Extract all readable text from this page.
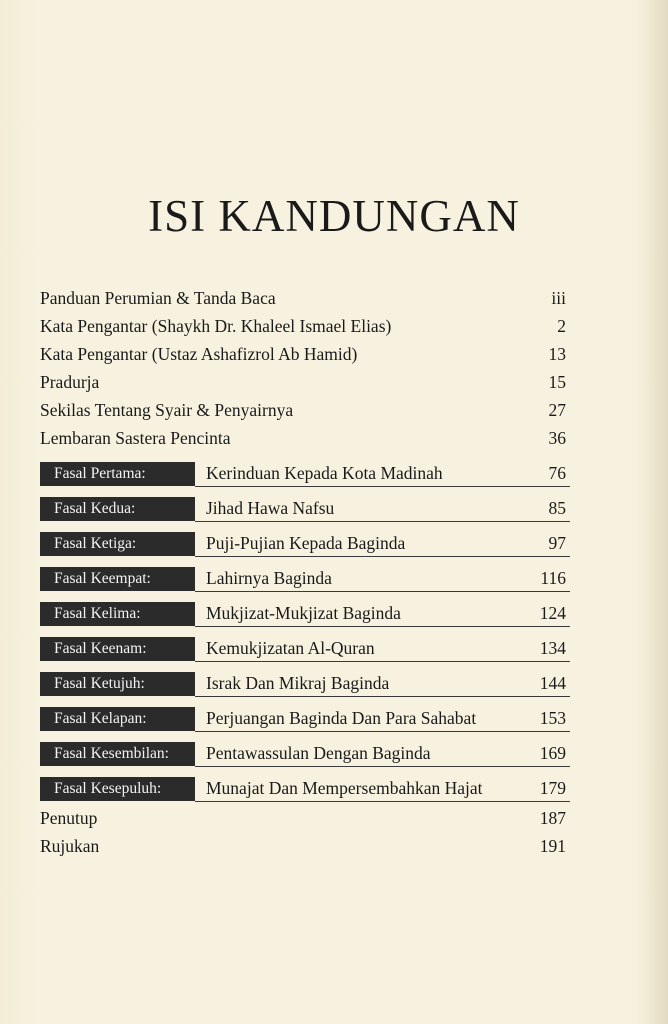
ISI KANDUNGAN
Panduan Perumian & Tanda Baca	iii
Kata Pengantar (Shaykh Dr. Khaleel Ismael Elias)	2
Kata Pengantar (Ustaz Ashafizrol Ab Hamid)	13
Pradurja	15
Sekilas Tentang Syair & Penyairnya	27
Lembaran Sastera Pencinta	36
Fasal Pertama:	Kerinduan Kepada Kota Madinah	76
Fasal Kedua:	Jihad Hawa Nafsu	85
Fasal Ketiga:	Puji-Pujian Kepada Baginda	97
Fasal Keempat:	Lahirnya Baginda	116
Fasal Kelima:	Mukjizat-Mukjizat Baginda	124
Fasal Keenam:	Kemukjizatan Al-Quran	134
Fasal Ketujuh:	Israk Dan Mikraj Baginda	144
Fasal Kelapan:	Perjuangan Baginda Dan Para Sahabat	153
Fasal Kesembilan:	Pentawassulan Dengan Baginda	169
Fasal Kesepuluh:	Munajat Dan Mempersembahkan Hajat	179
Penutup	187
Rujukan	191
